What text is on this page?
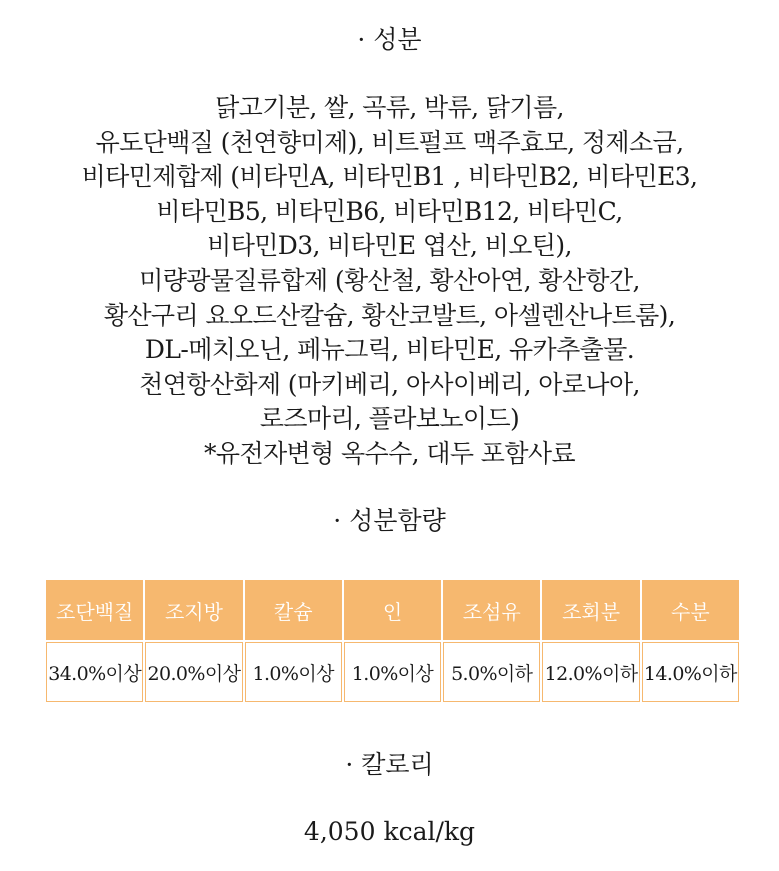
· 성분
닭고기분, 쌀, 곡류, 박류, 닭기름,
유도단백질 (천연향미제), 비트펄프 맥주효모, 정제소금,
비타민제합제 (비타민A, 비타민B1 , 비타민B2, 비타민E3,
비타민B5, 비타민B6, 비타민B12, 비타민C,
비타민D3, 비타민E 엽산, 비오틴),
미량광물질류합제 (황산철, 황산아연, 황산항간,
황산구리 요오드산칼슘, 황산코발트, 아셀렌산나트룸),
DL-메치오닌, 페뉴그릭, 비타민E, 유카추출물.
천연항산화제 (마키베리, 아사이베리, 아로나아,
로즈마리, 플라보노이드)
*유전자변형 옥수수, 대두 포함사료
· 성분함량
조단백질	조지방	칼슘	인	조섬유	조회분	수분
34.0%이상	20.0%이상	1.0%이상	1.0%이상	5.0%이하	12.0%이하	14.0%이하
· 칼로리
4,050 kcal/kg
